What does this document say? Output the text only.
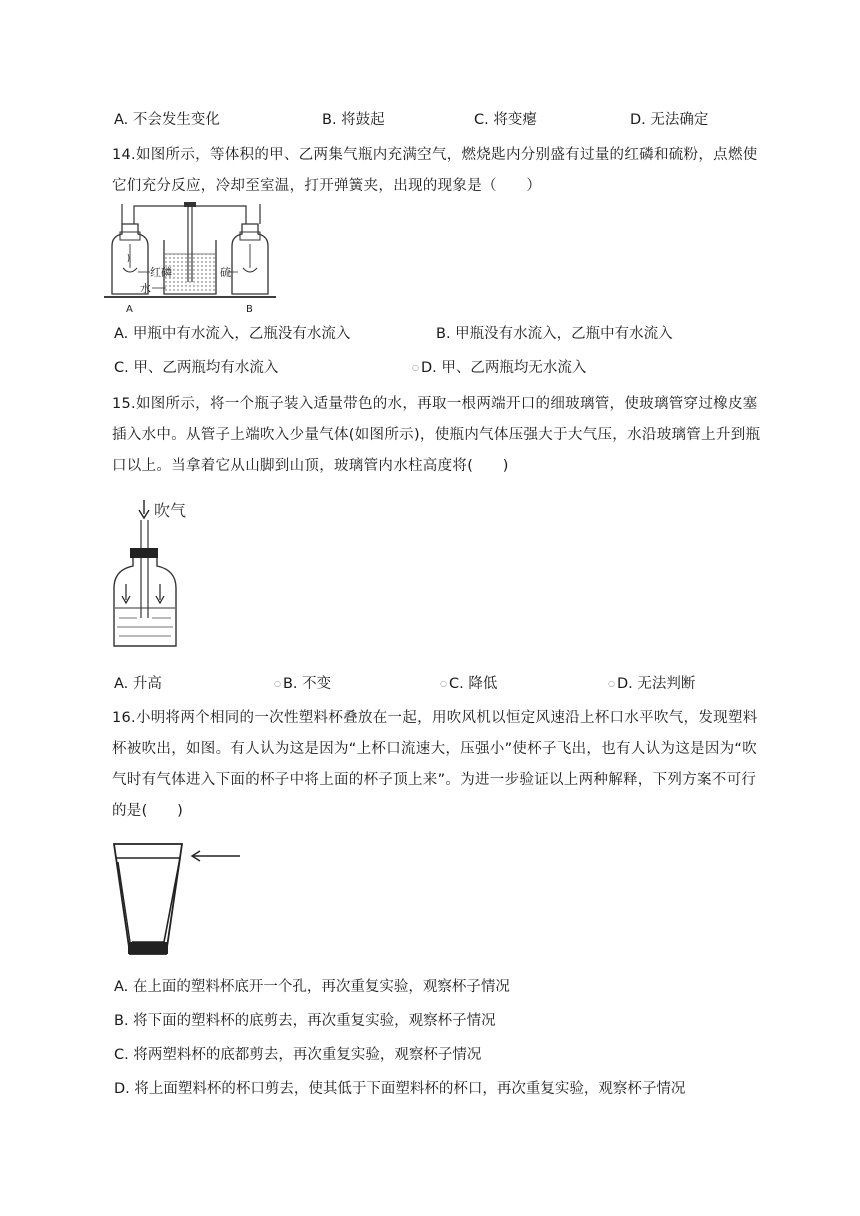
A. 不会发生变化	B. 将鼓起	C. 将变瘪	D. 无法确定
14.如图所示，等体积的甲、乙两集气瓶内充满空气，燃烧匙内分别盛有过量的红磷和硫粉，点燃使它们充分反应，冷却至室温，打开弹簧夹，出现的现象是（　　）
红磷
水
硫
A	B
A. 甲瓶中有水流入，乙瓶没有水流入	B. 甲瓶没有水流入，乙瓶中有水流入
C. 甲、乙两瓶均有水流入	○ D. 甲、乙两瓶均无水流入
15.如图所示，将一个瓶子装入适量带色的水，再取一根两端开口的细玻璃管，使玻璃管穿过橡皮塞插入水中。从管子上端吹入少量气体(如图所示)，使瓶内气体压强大于大气压，水沿玻璃管上升到瓶口以上。当拿着它从山脚到山顶，玻璃管内水柱高度将(　　)
吹气
A. 升高	○ B. 不变	○ C. 降低	○ D. 无法判断
16.小明将两个相同的一次性塑料杯叠放在一起，用吹风机以恒定风速沿上杯口水平吹气，发现塑料杯被吹出，如图。有人认为这是因为“上杯口流速大，压强小”使杯子飞出，也有人认为这是因为“吹气时有气体进入下面的杯子中将上面的杯子顶上来”。为进一步验证以上两种解释，下列方案不可行的是(　　)
A. 在上面的塑料杯底开一个孔，再次重复实验，观察杯子情况
B. 将下面的塑料杯的底剪去，再次重复实验，观察杯子情况
C. 将两塑料杯的底都剪去，再次重复实验，观察杯子情况
D. 将上面塑料杯的杯口剪去，使其低于下面塑料杯的杯口，再次重复实验，观察杯子情况
